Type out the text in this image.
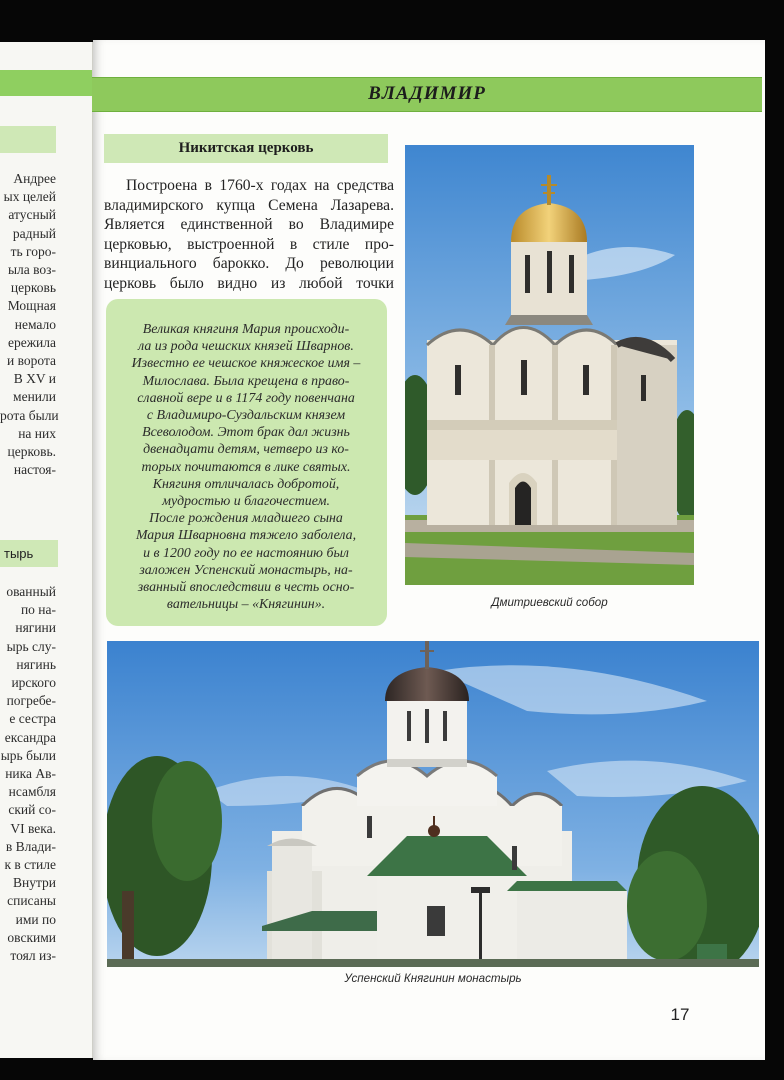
Андрее
ых целей
атусный
радный
ть горо-
ыла воз-
церковь
Мощная
немало
ережила
и ворота
В XV и
менили
рота были
на них
церковь.
настоя-
тырь
ованный
по на-
нягини
ырь слу-
нягинь
ирского
погребе-
е сестра
ександра
ырь были
ника Ав-
нсамбля
ский со-
VI века.
в Влади-
к в стиле
Внутри
списаны
ими по
овскими
тоял из-
ВЛАДИМИР
Никитская церковь
Построена в 1760-х годах на средства
владимирского купца Семена Лазарева.
Является единственной во Владимире
церковью, выстроенной в стиле про-
винциального барокко. До революции
церковь было видно из любой точки
Великая княгиня Мария происходи-
ла из рода чешских князей Шварнов.
Известно ее чешское княжеское имя –
Милослава. Была крещена в право-
славной вере и в 1174 году повенчана
с Владимиро-Суздальским князем
Всеволодом. Этот брак дал жизнь
двенадцати детям, четверо из ко-
торых почитаются в лике святых.
Княгиня отличалась добротой,
мудростью и благочестием.
После рождения младшего сына
Мария Шварновна тяжело заболела,
и в 1200 году по ее настоянию был
заложен Успенский монастырь, на-
званный впоследствии в честь осно-
вательницы – «Княгинин».	Дмитриевский собор
Успенский Княгинин монастырь
17
